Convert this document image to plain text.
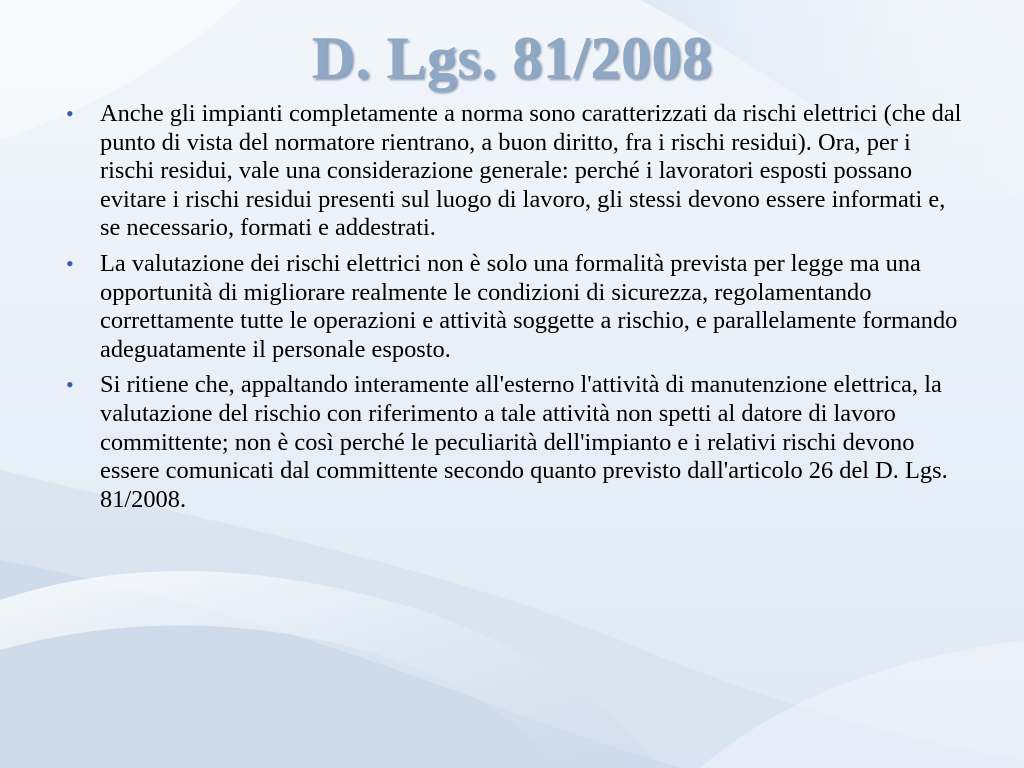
D. Lgs. 81/2008
• Anche gli impianti completamente a norma sono caratterizzati da rischi elettrici (che dal punto di vista del normatore rientrano, a buon diritto, fra i rischi residui). Ora, per i rischi residui, vale una considerazione generale: perché i lavoratori esposti possano evitare i rischi residui presenti sul luogo di lavoro, gli stessi devono essere informati e, se necessario, formati e addestrati.
• La valutazione dei rischi elettrici non è solo una formalità prevista per legge ma una opportunità di migliorare realmente le condizioni di sicurezza, regolamentando correttamente tutte le operazioni e attività soggette a rischio, e parallelamente formando adeguatamente il personale esposto.
• Si ritiene che, appaltando interamente all'esterno l'attività di manutenzione elettrica, la valutazione del rischio con riferimento a tale attività non spetti al datore di lavoro committente; non è così perché le peculiarità dell'impianto e i relativi rischi devono essere comunicati dal committente secondo quanto previsto dall'articolo 26 del D. Lgs. 81/2008.
